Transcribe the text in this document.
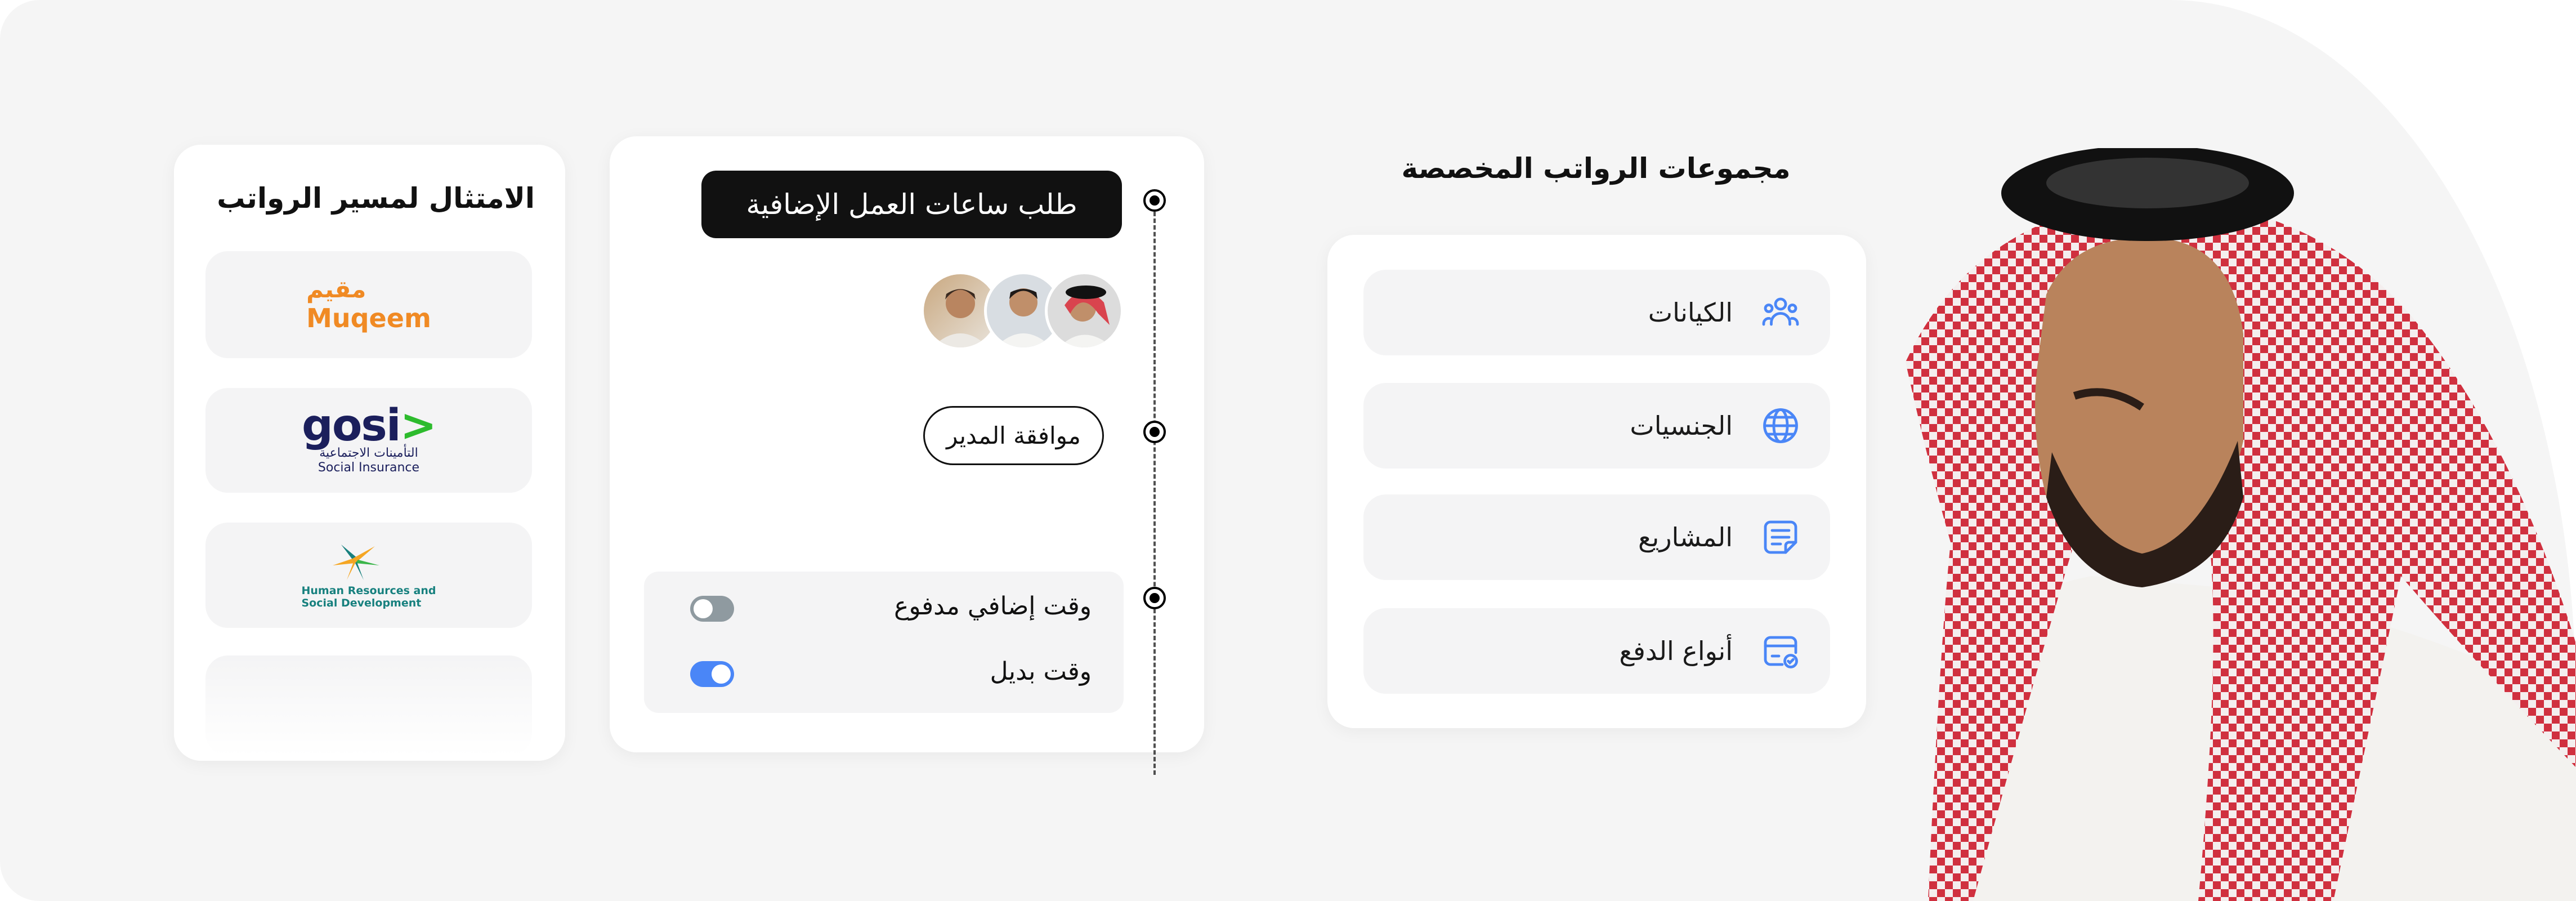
الامتثال لمسير الرواتب
مقيم
Muqeem
gosi>
التأمينات الاجتماعية
Social Insurance
Human Resources and
Social Development
طلب ساعات العمل الإضافية
موافقة المدير
وقت إضافي مدفوع
وقت بديل
مجموعات الرواتب المخصصة
الكيانات
الجنسيات
المشاريع
أنواع الدفع
